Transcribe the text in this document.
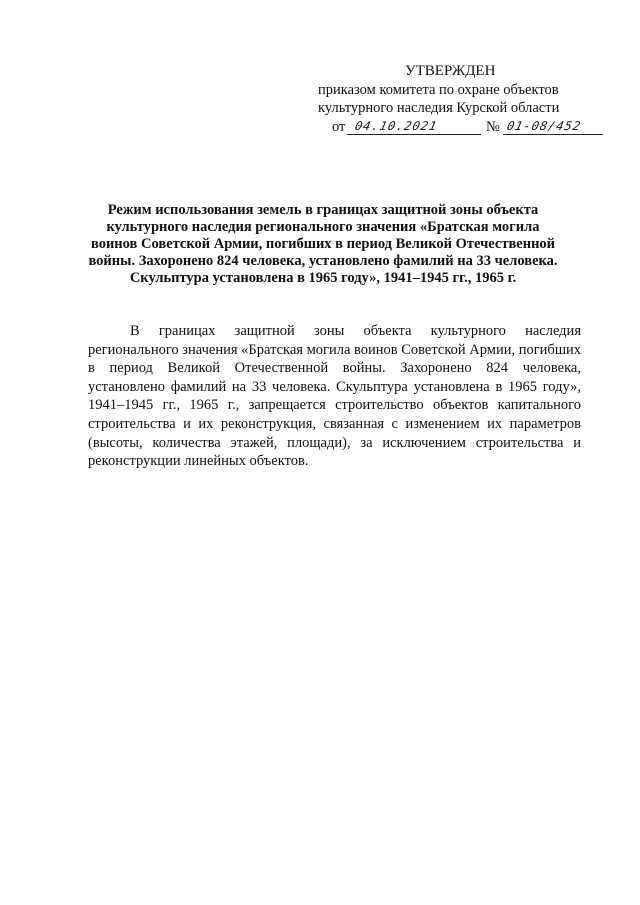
УТВЕРЖДЕН
приказом комитета по охране объектов
культурного наследия Курской области
от 04.10.2021	№ 01-08/452
Режим использования земель в границах защитной зоны объекта культурного наследия регионального значения «Братская могила воинов Советской Армии, погибших в период Великой Отечественной войны. Захоронено 824 человека, установлено фамилий на 33 человека. Скульптура установлена в 1965 году», 1941–1945 гг., 1965 г.
В границах защитной зоны объекта культурного наследия регионального значения «Братская могила воинов Советской Армии, погибших в период Великой Отечественной войны. Захоронено 824 человека, установлено фамилий на 33 человека. Скульптура установлена в 1965 году», 1941–1945 гг., 1965 г., запрещается строительство объектов капитального строительства и их реконструкция, связанная с изменением их параметров (высоты, количества этажей, площади), за исключением строительства и реконструкции линейных объектов.
